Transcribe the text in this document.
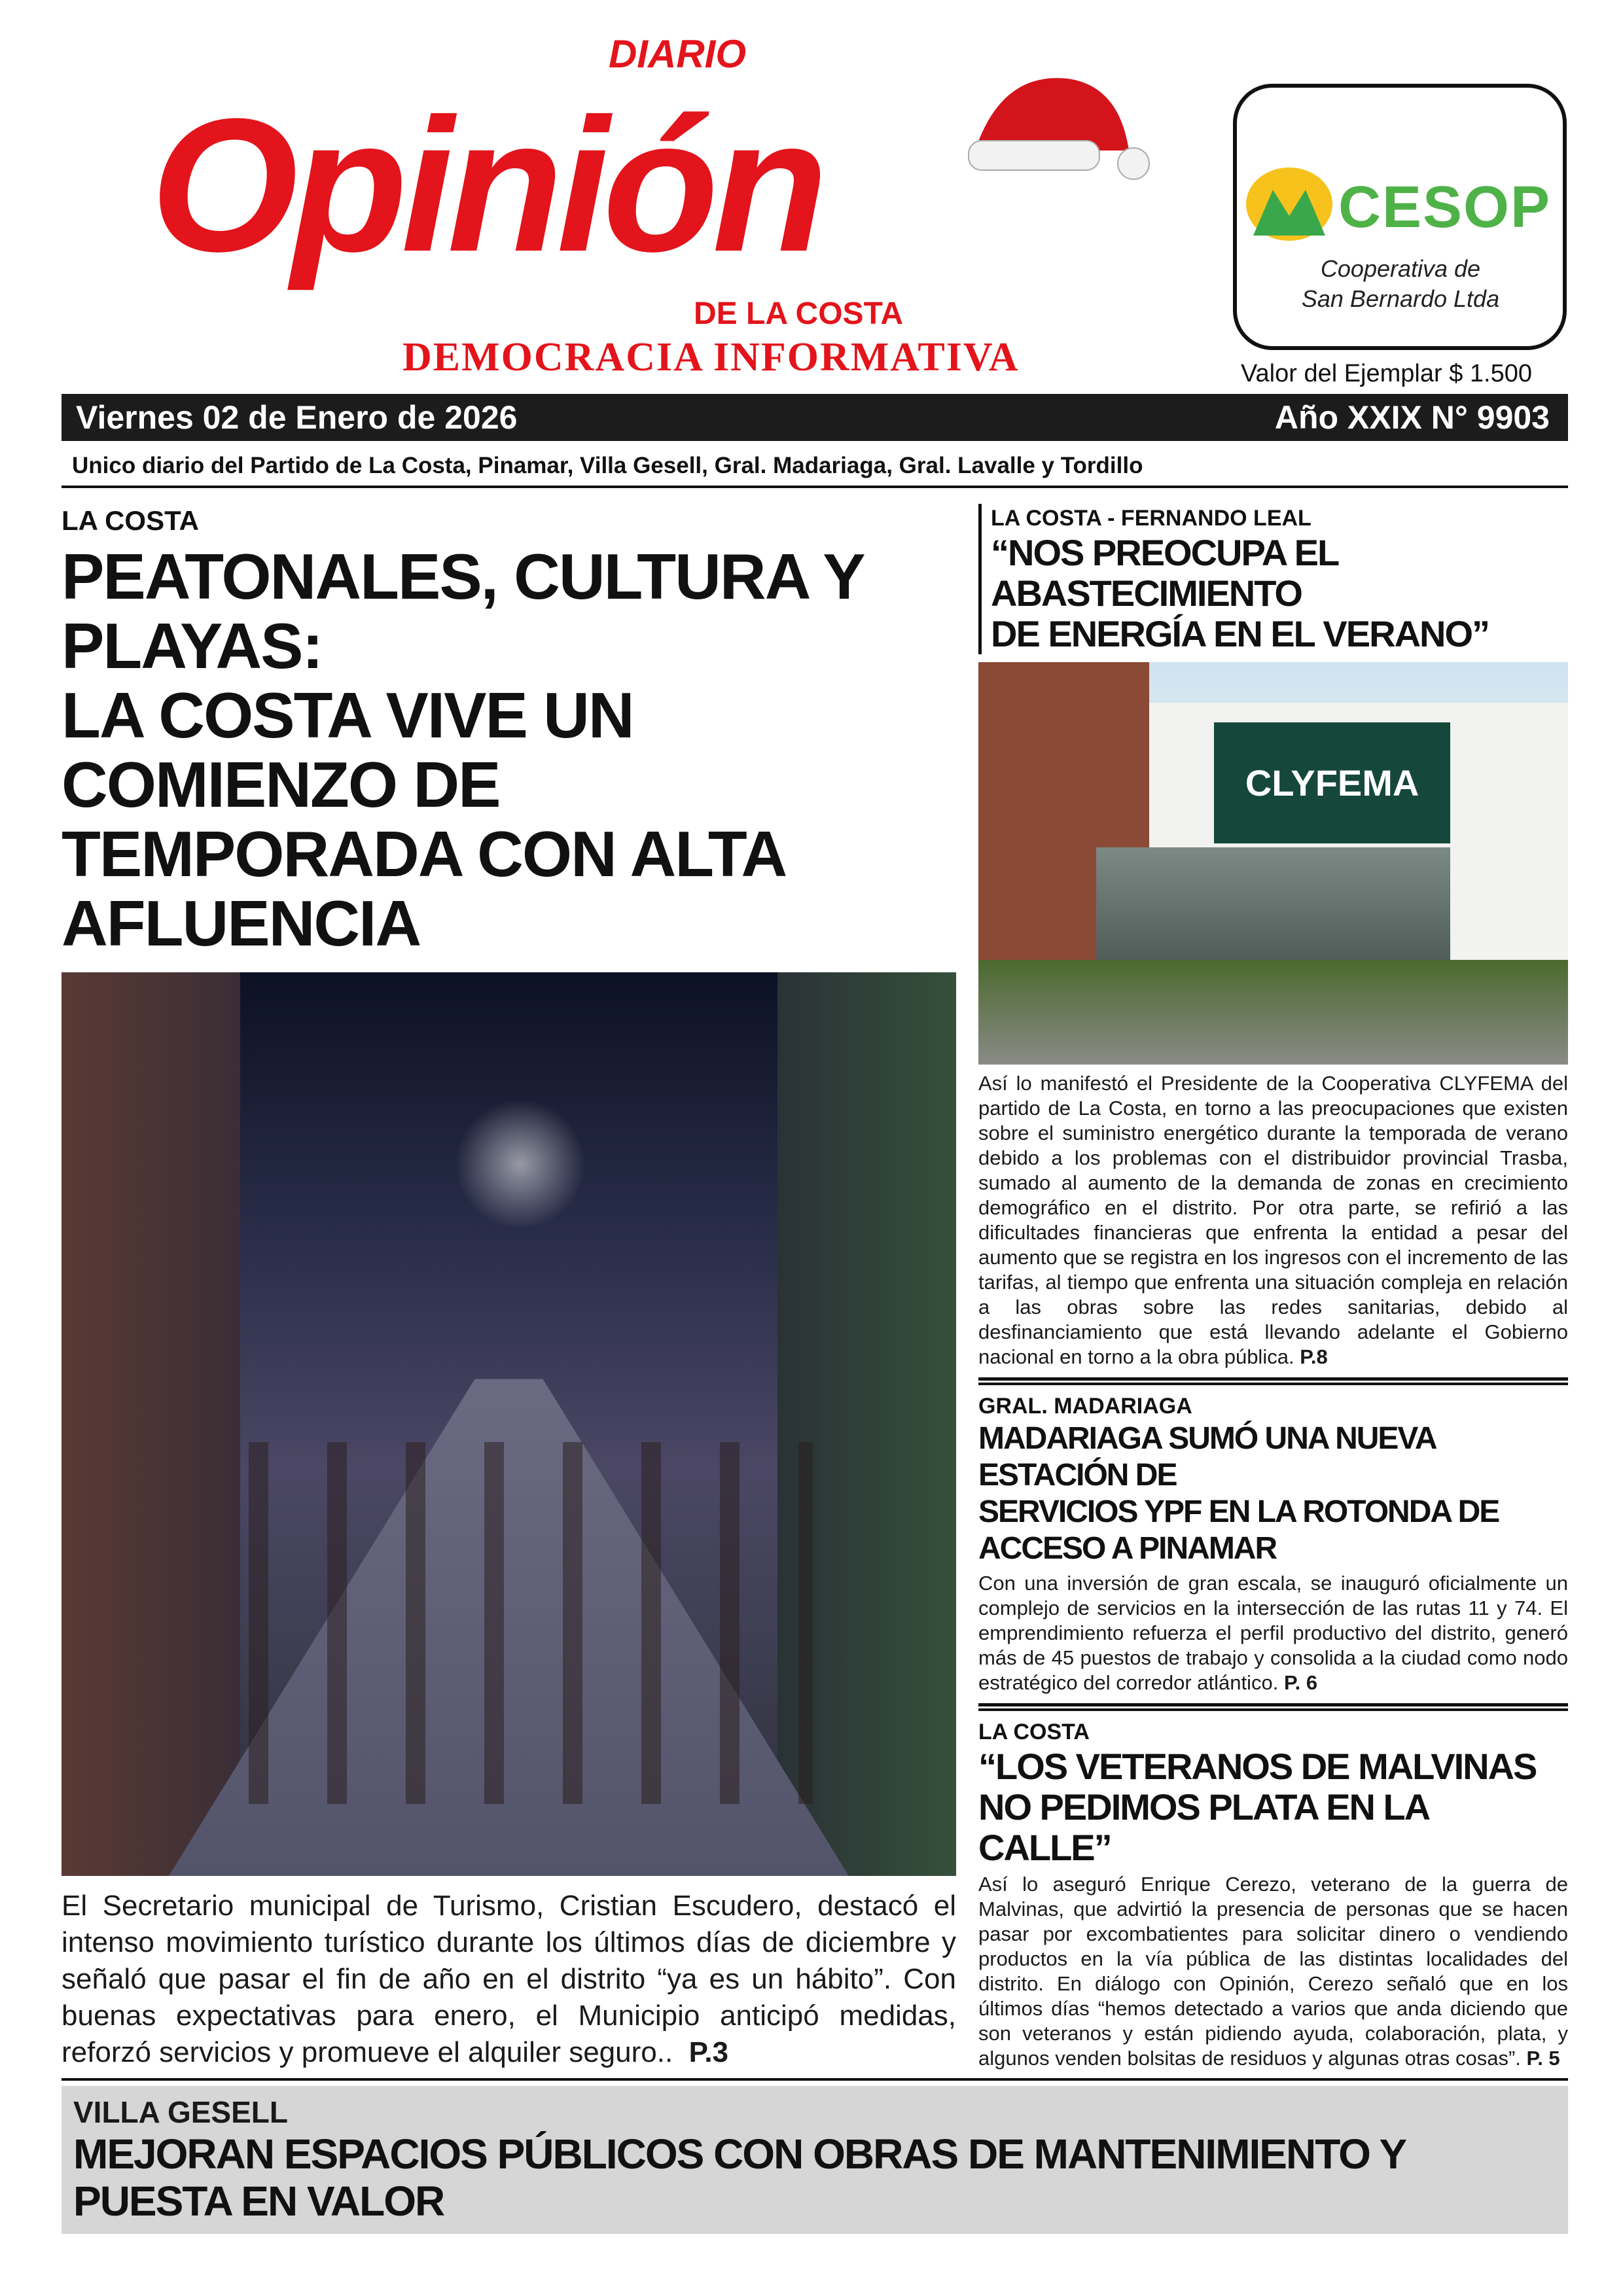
DIARIO
Opinión
DE LA COSTA
DEMOCRACIA INFORMATIVA
CESOP
Cooperativa de
San Bernardo Ltda
Valor del Ejemplar $ 1.500
Viernes 02 de Enero de 2026	Año XXIX N° 9903
Unico diario del Partido de La Costa, Pinamar, Villa Gesell, Gral. Madariaga, Gral. Lavalle y Tordillo
LA COSTA
PEATONALES, CULTURA Y PLAYAS:
LA COSTA VIVE UN COMIENZO DE
TEMPORADA CON ALTA AFLUENCIA
El Secretario municipal de Turismo, Cristian Escudero, destacó el intenso movimiento turístico durante los últimos días de diciembre y señaló que pasar el fin de año en el distrito “ya es un hábito”. Con buenas expectativas para enero, el Municipio anticipó medidas, reforzó servicios y promueve el alquiler seguro.. P.3
LA COSTA - FERNANDO LEAL
“NOS PREOCUPA EL ABASTECIMIENTO
DE ENERGÍA EN EL VERANO”
CLYFEMA
Así lo manifestó el Presidente de la Cooperativa CLYFEMA del partido de La Costa, en torno a las preocupaciones que existen sobre el suministro energético durante la temporada de verano debido a los problemas con el distribuidor provincial Trasba, sumado al aumento de la demanda de zonas en crecimiento demográfico en el distrito. Por otra parte, se refirió a las dificultades financieras que enfrenta la entidad a pesar del aumento que se registra en los ingresos con el incremento de las tarifas, al tiempo que enfrenta una situación compleja en relación a las obras sobre las redes sanitarias, debido al desfinanciamiento que está llevando adelante el Gobierno nacional en torno a la obra pública. P.8
GRAL. MADARIAGA
MADARIAGA SUMÓ UNA NUEVA ESTACIÓN DE
SERVICIOS YPF EN LA ROTONDA DE ACCESO A PINAMAR
Con una inversión de gran escala, se inauguró oficialmente un complejo de servicios en la intersección de las rutas 11 y 74. El emprendimiento refuerza el perfil productivo del distrito, generó más de 45 puestos de trabajo y consolida a la ciudad como nodo estratégico del corredor atlántico. P. 6
LA COSTA
“LOS VETERANOS DE MALVINAS
NO PEDIMOS PLATA EN LA CALLE”
Así lo aseguró Enrique Cerezo, veterano de la guerra de Malvinas, que advirtió la presencia de personas que se hacen pasar por excombatientes para solicitar dinero o vendiendo productos en la vía pública de las distintas localidades del distrito. En diálogo con Opinión, Cerezo señaló que en los últimos días “hemos detectado a varios que anda diciendo que son veteranos y están pidiendo ayuda, colaboración, plata, y algunos venden bolsitas de residuos y algunas otras cosas”. P. 5
VILLA GESELL
MEJORAN ESPACIOS PÚBLICOS CON OBRAS DE MANTENIMIENTO Y PUESTA EN VALOR
